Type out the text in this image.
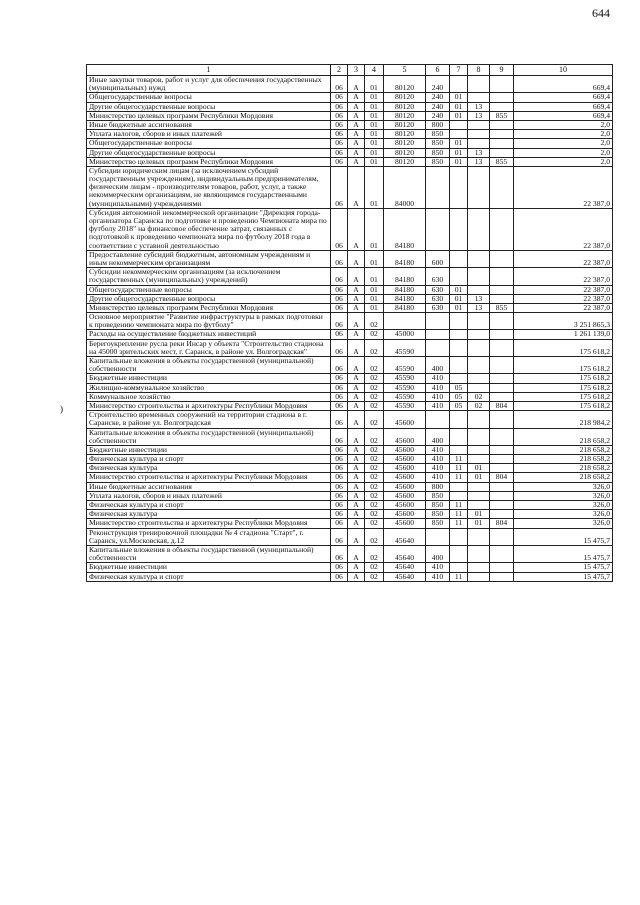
644
)
1	2	3	4	5	6	7	8	9	10
Иные закупки товаров, работ и услуг для обеспечения государственных (муниципальных) нужд	06	А	01	80120	240				669,4
Общегосударственные вопросы	06	А	01	80120	240	01			669,4
Другие общегосударственные вопросы	06	А	01	80120	240	01	13		669,4
Министерство целевых программ Республики Мордовия	06	А	01	80120	240	01	13	855	669,4
Иные бюджетные ассигнования	06	А	01	80120	800				2,0
Уплата налогов, сборов и иных платежей	06	А	01	80120	850				2,0
Общегосударственные вопросы	06	А	01	80120	850	01			2,0
Другие общегосударственные вопросы	06	А	01	80120	850	01	13		2,0
Министерство целевых программ Республики Мордовия	06	А	01	80120	850	01	13	855	2,0
Субсидии юридическим лицам (за исключением субсидий государственным учреждениям), индивидуальным предпринимателям, физическим лицам - производителям товаров, работ, услуг, а также некоммерческим организациям, не являющимся государственными (муниципальными) учреждениями	06	А	01	84000					22 387,0
Субсидия автономной некоммерческой организации "Дирекция города-организатора Саранска по подготовке и проведению Чемпионата мира по футболу 2018" на финансовое обеспечение затрат, связанных с подготовкой к проведению чемпионата мира по футболу 2018 года в соответствии с уставной деятельностью	06	А	01	84180					22 387,0
Предоставление субсидий бюджетным, автономным учреждениям и иным некоммерческим организациям	06	А	01	84180	600				22 387,0
Субсидии некоммерческим организациям (за исключением государственных (муниципальных) учреждений)	06	А	01	84180	630				22 387,0
Общегосударственные вопросы	06	А	01	84180	630	01			22 387,0
Другие общегосударственные вопросы	06	А	01	84180	630	01	13		22 387,0
Министерство целевых программ Республики Мордовия	06	А	01	84180	630	01	13	855	22 387,0
Основное мероприятие "Развитие инфраструктуры в рамках подготовки к проведению чемпионата мира по футболу"	06	А	02						3 251 865,3
Расходы на осуществление бюджетных инвестиций	06	А	02	45000					1 261 139,0
Берегоукрепление русла реки Инсар у объекта "Строительство стадиона на 45000 зрительских мест, г. Саранск, в районе ул. Волгоградская"	06	А	02	45590					175 618,2
Капитальные вложения в объекты государственной (муниципальной) собственности	06	А	02	45590	400				175 618,2
Бюджетные инвестиции	06	А	02	45590	410				175 618,2
Жилищно-коммунальное хозяйство	06	А	02	45590	410	05			175 618,2
Коммунальное хозяйство	06	А	02	45590	410	05	02		175 618,2
Министерство строительства и архитектуры Республики Мордовия	06	А	02	45590	410	05	02	804	175 618,2
Строительство временных сооружений на территории стадиона в г. Саранске, в районе ул. Волгоградская	06	А	02	45600					218 984,2
Капитальные вложения в объекты государственной (муниципальной) собственности	06	А	02	45600	400				218 658,2
Бюджетные инвестиции	06	А	02	45600	410				218 658,2
Физическая культура и спорт	06	А	02	45600	410	11			218 658,2
Физическая культура	06	А	02	45600	410	11	01		218 658,2
Министерство строительства и архитектуры Республики Мордовия	06	А	02	45600	410	11	01	804	218 658,2
Иные бюджетные ассигнования	06	А	02	45600	800				326,0
Уплата налогов, сборов и иных платежей	06	А	02	45600	850				326,0
Физическая культура и спорт	06	А	02	45600	850	11			326,0
Физическая культура	06	А	02	45600	850	11	01		326,0
Министерство строительства и архитектуры Республики Мордовия	06	А	02	45600	850	11	01	804	326,0
Реконструкция тренировочной площадки № 4 стадиона "Старт", г. Саранск, ул.Московская, д.12	06	А	02	45640					15 475,7
Капитальные вложения в объекты государственной (муниципальной) собственности	06	А	02	45640	400				15 475,7
Бюджетные инвестиции	06	А	02	45640	410				15 475,7
Физическая культура и спорт	06	А	02	45640	410	11			15 475,7
